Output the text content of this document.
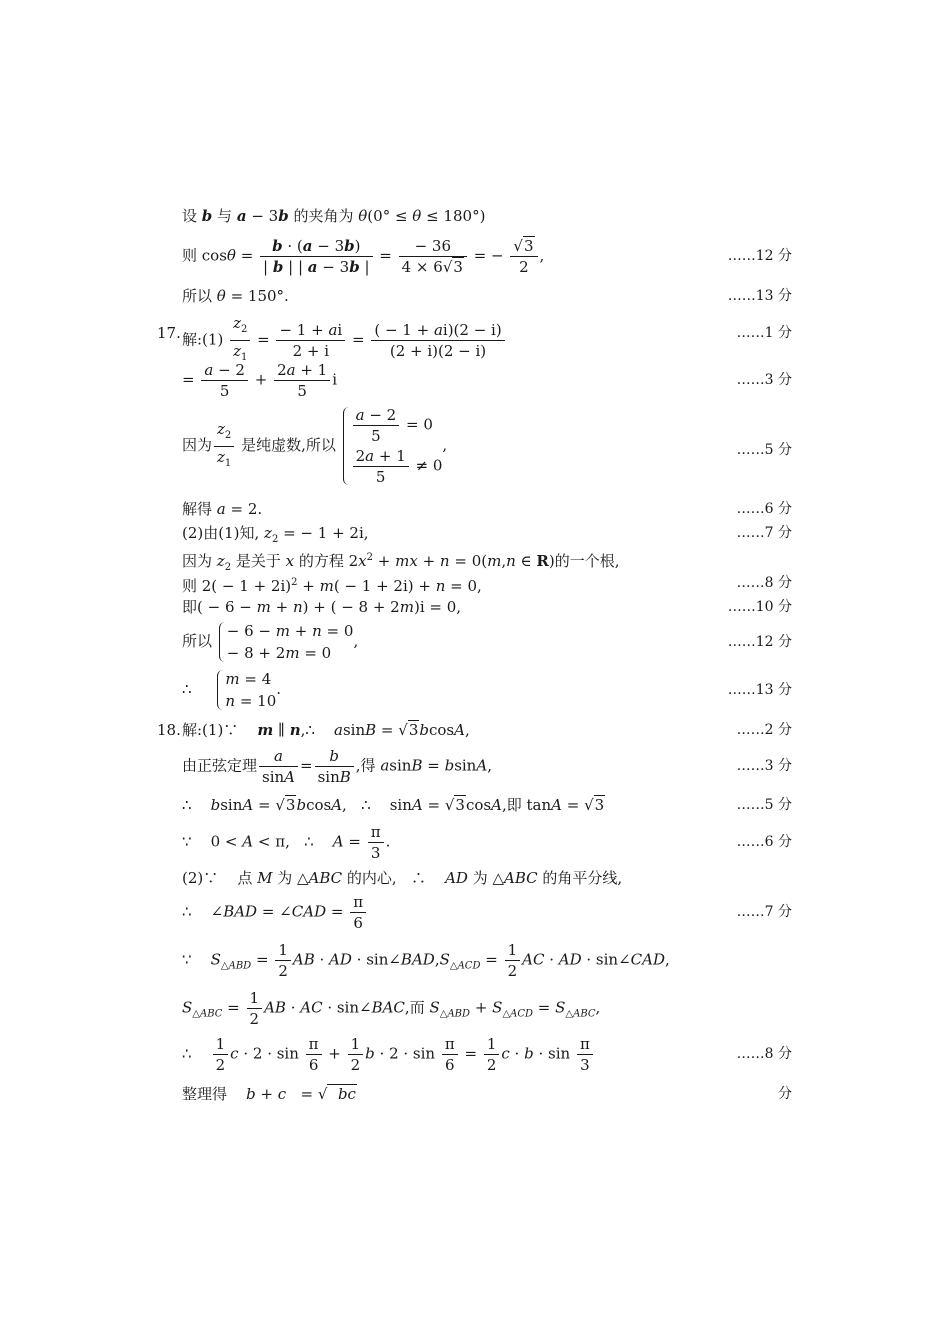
设 b 与 a − 3b 的夹角为 θ(0° ≤ θ ≤ 180°)
则 $\cos\theta = \frac{b \cdot (a - 3b)}{| b | | a - 3b |} = \frac{- 36}{4 \times 6 √ 3}$ = − √ $\frac{3}{2}$ ,	……12 分
所以 θ = 150°.	……13 分
17. 解:(1) $\frac{z_2}{z_1} = \frac{- 1 + ai}{2 + i} = \frac{( - 1 + ai)(2 - i)}{(2 + i)(2 - i)}$	……1 分
= $\frac{a - 2}{5} + \frac{2a + 1}{5}$ i	……3 分
因为 $\frac{z_2}{z_1}$ 是纯虚数,所以 $\frac{a - 2}{5} = 0$
$\frac{2a + 1}{5} \ne 0$
,	……5 分
解得 a = 2.	……6 分
(2)由(1)知, $z_2$ = − 1 + 2i,	……7 分
因为 $z_2$ 是关于 x 的方程 $2x^2$ + mx + n = 0(m,n ∈ R)的一个根,
则 $2( - 1 + 2i)^2 + m( - 1 + 2i) + n = 0$,	……8 分
即( − 6 − m + n) + ( − 8 + 2m)i = 0,	……10 分
所以
− 6 − m + n = 0
− 8 + 2m = 0
,	……12 分
∴
m = 4
n = 10
.	……13 分
18. 解:(1)∵    m ∥ n,∴    asinB = √ 3bcosA,	……2 分
由正弦定理 $\frac{a}{\sin A} = \frac{b}{\sin B}$ ,得 asinB = bsinA,	……3 分
∴    bsinA = √ 3bcosA,   ∴    sinA = √ 3cosA,即 tanA = √ 3	……5 分
∵    0 < A < π,   ∴    $A = \frac{\pi}{3}$ .	……6 分
(2)∵    点 M 为 △ABC 的内心,   ∴    AD 为 △ABC 的角平分线,
∴    ∠BAD = ∠CAD = $\frac{\pi}{6}$	……7 分
∵    $S_{\triangle ABD} = \frac{1}{2}$ AB · AD · $\sin\angle BAD,S_{\triangle ACD} = \frac{1}{2}$ AC · AD · sin∠CAD,
$S_{\triangle ABC} = \frac{1}{2}$ AB · AC · sin∠BAC,而 $S_{\triangle ABD} + S_{\triangle ACD} = S_{\triangle ABC}$,
∴ $\frac{1}{2}$ $c \cdot 2 \cdot \sin \frac{\pi}{6} + \frac{1}{2}$ $b \cdot 2 \cdot \sin \frac{\pi}{6} = \frac{1}{2}$ $c \cdot b \cdot \sin \frac{\pi}{3}$	……8 分
整理得    b + c   = √   bc	分
